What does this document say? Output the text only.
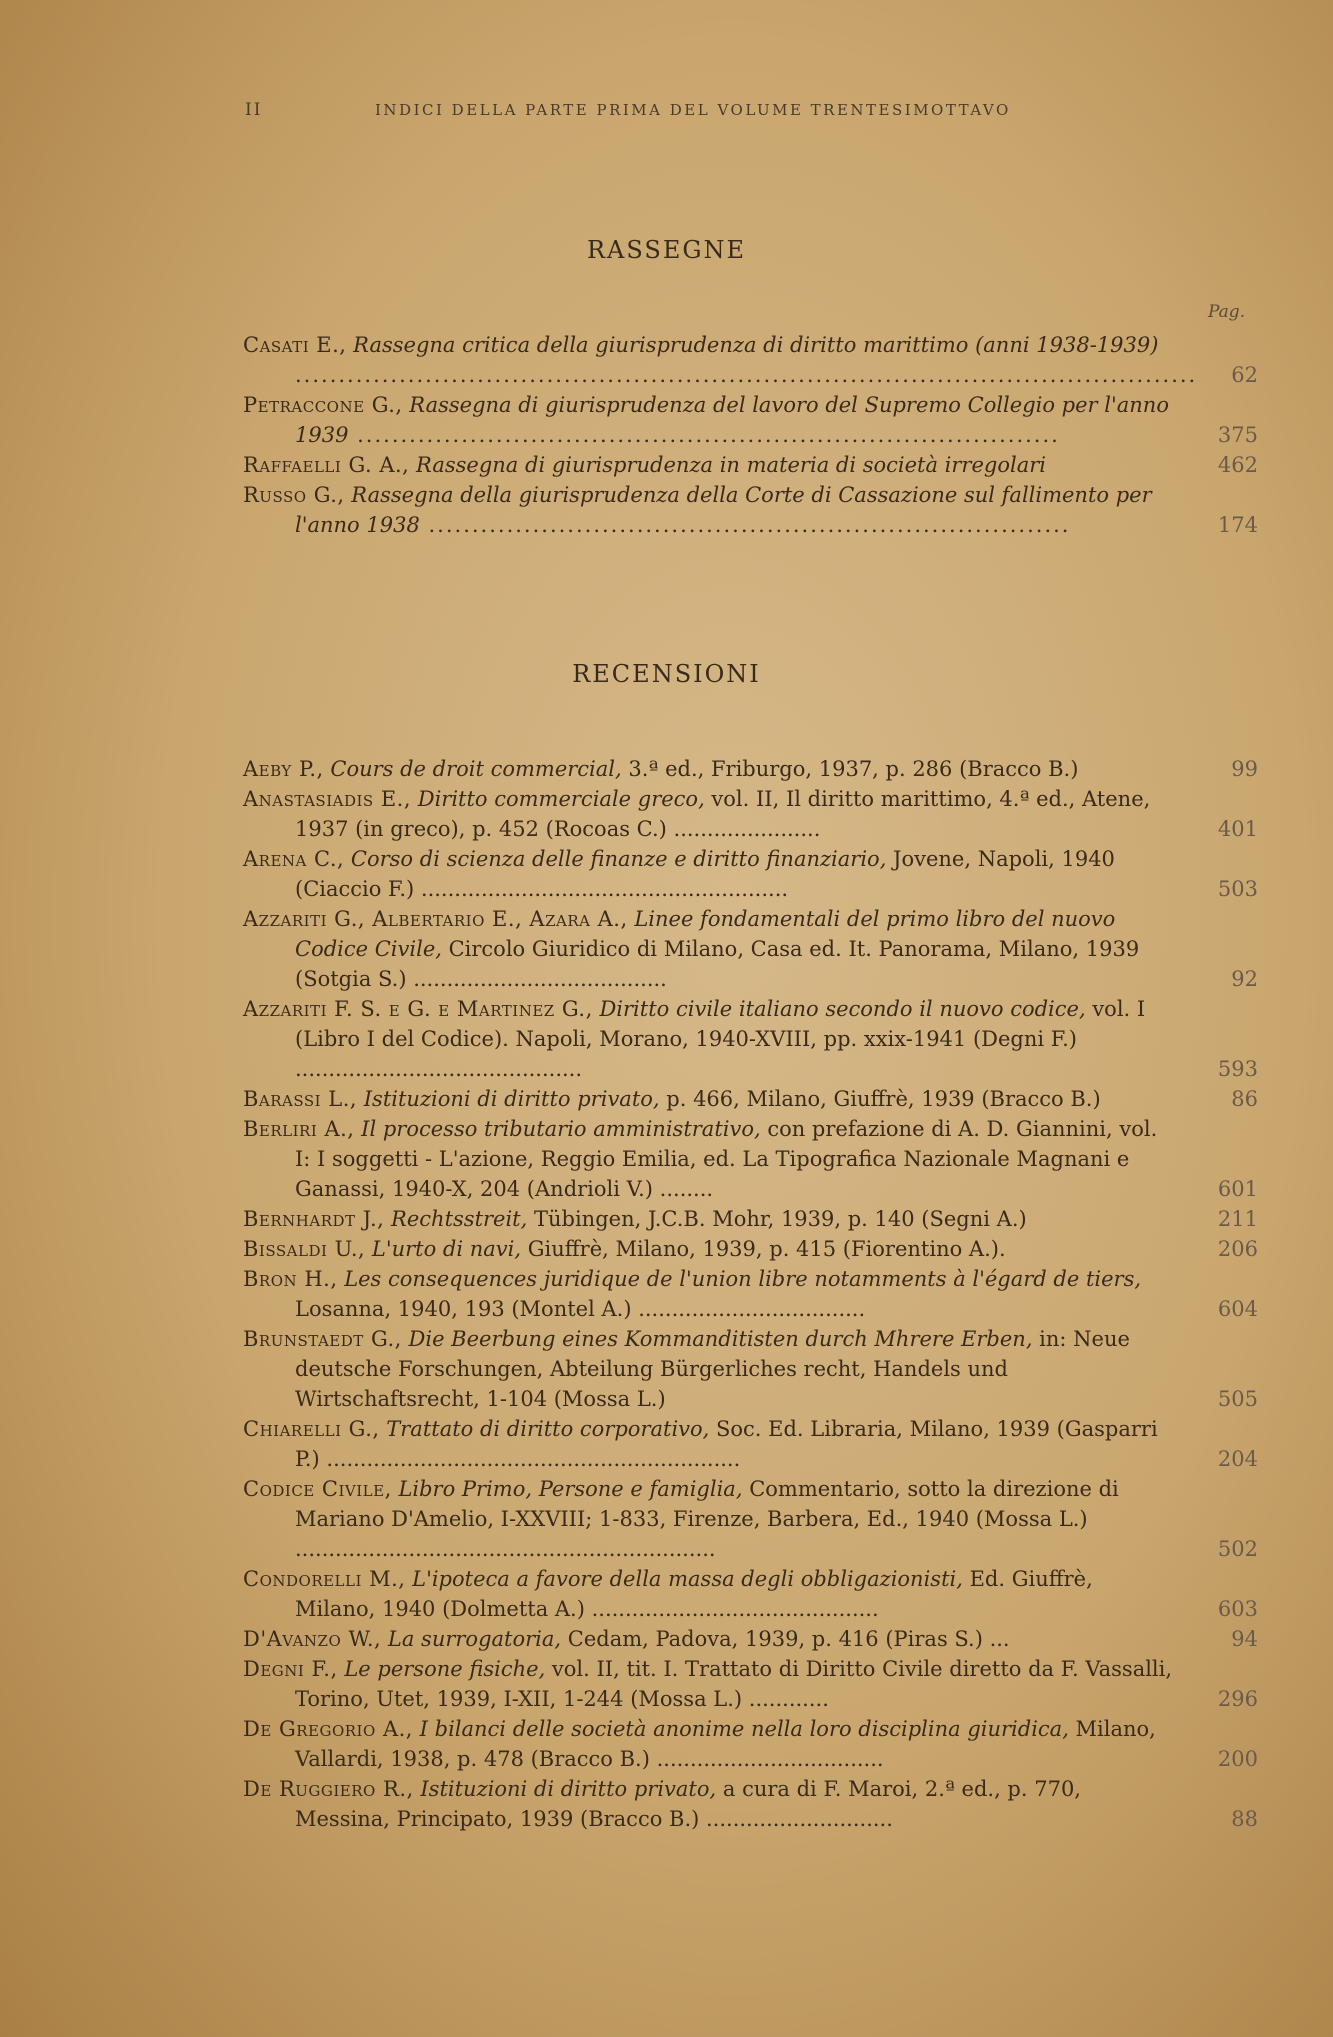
II	INDICI DELLA PARTE PRIMA DEL VOLUME TRENTESIMOTTAVO
RASSEGNE
Pag.
Casati E., Rassegna critica della giurisprudenza di diritto marittimo (anni 1938-1939) ........................................................................................................	62
Petraccone G., Rassegna di giurisprudenza del lavoro del Supremo Collegio per l'anno 1939 .................................................................................	375
Raffaelli G. A., Rassegna di giurisprudenza in materia di società irregolari	462
Russo G., Rassegna della giurisprudenza della Corte di Cassazione sul fallimento per l'anno 1938 ..........................................................................	174
RECENSIONI
Aeby P., Cours de droit commercial, 3.ª ed., Friburgo, 1937, p. 286 (Bracco B.)	99
Anastasiadis E., Diritto commerciale greco, vol. II, Il diritto marittimo, 4.ª ed., Atene, 1937 (in greco), p. 452 (Rocoas C.) ......................	401
Arena C., Corso di scienza delle finanze e diritto finanziario, Jovene, Napoli, 1940 (Ciaccio F.) .......................................................	503
Azzariti G., Albertario E., Azara A., Linee fondamentali del primo libro del nuovo Codice Civile, Circolo Giuridico di Milano, Casa ed. It. Panorama, Milano, 1939 (Sotgia S.) ......................................	92
Azzariti F. S. e G. e Martinez G., Diritto civile italiano secondo il nuovo codice, vol. I (Libro I del Codice). Napoli, Morano, 1940-XVIII, pp. xxix-1941 (Degni F.) ...........................................	593
Barassi L., Istituzioni di diritto privato, p. 466, Milano, Giuffrè, 1939 (Bracco B.)	86
Berliri A., Il processo tributario amministrativo, con prefazione di A. D. Giannini, vol. I: I soggetti - L'azione, Reggio Emilia, ed. La Tipografica Nazionale Magnani e Ganassi, 1940-X, 204 (Andrioli V.) ........	601
Bernhardt J., Rechtsstreit, Tübingen, J.C.B. Mohr, 1939, p. 140 (Segni A.)	211
Bissaldi U., L'urto di navi, Giuffrè, Milano, 1939, p. 415 (Fiorentino A.).	206
Bron H., Les consequences juridique de l'union libre notamments à l'égard de tiers, Losanna, 1940, 193 (Montel A.) ..................................	604
Brunstaedt G., Die Beerbung eines Kommanditisten durch Mhrere Erben, in: Neue deutsche Forschungen, Abteilung Bürgerliches recht, Handels und Wirtschaftsrecht, 1-104 (Mossa L.)	505
Chiarelli G., Trattato di diritto corporativo, Soc. Ed. Libraria, Milano, 1939 (Gasparri P.) ..............................................................	204
Codice Civile, Libro Primo, Persone e famiglia, Commentario, sotto la direzione di Mariano D'Amelio, I-XXVIII; 1-833, Firenze, Barbera, Ed., 1940 (Mossa L.) ...............................................................	502
Condorelli M., L'ipoteca a favore della massa degli obbligazionisti, Ed. Giuffrè, Milano, 1940 (Dolmetta A.) ...........................................	603
D'Avanzo W., La surrogatoria, Cedam, Padova, 1939, p. 416 (Piras S.) ...	94
Degni F., Le persone fisiche, vol. II, tit. I. Trattato di Diritto Civile diretto da F. Vassalli, Torino, Utet, 1939, I-XII, 1-244 (Mossa L.) ............	296
De Gregorio A., I bilanci delle società anonime nella loro disciplina giuridica, Milano, Vallardi, 1938, p. 478 (Bracco B.) ..................................	200
De Ruggiero R., Istituzioni di diritto privato, a cura di F. Maroi, 2.ª ed., p. 770, Messina, Principato, 1939 (Bracco B.) ............................	88
